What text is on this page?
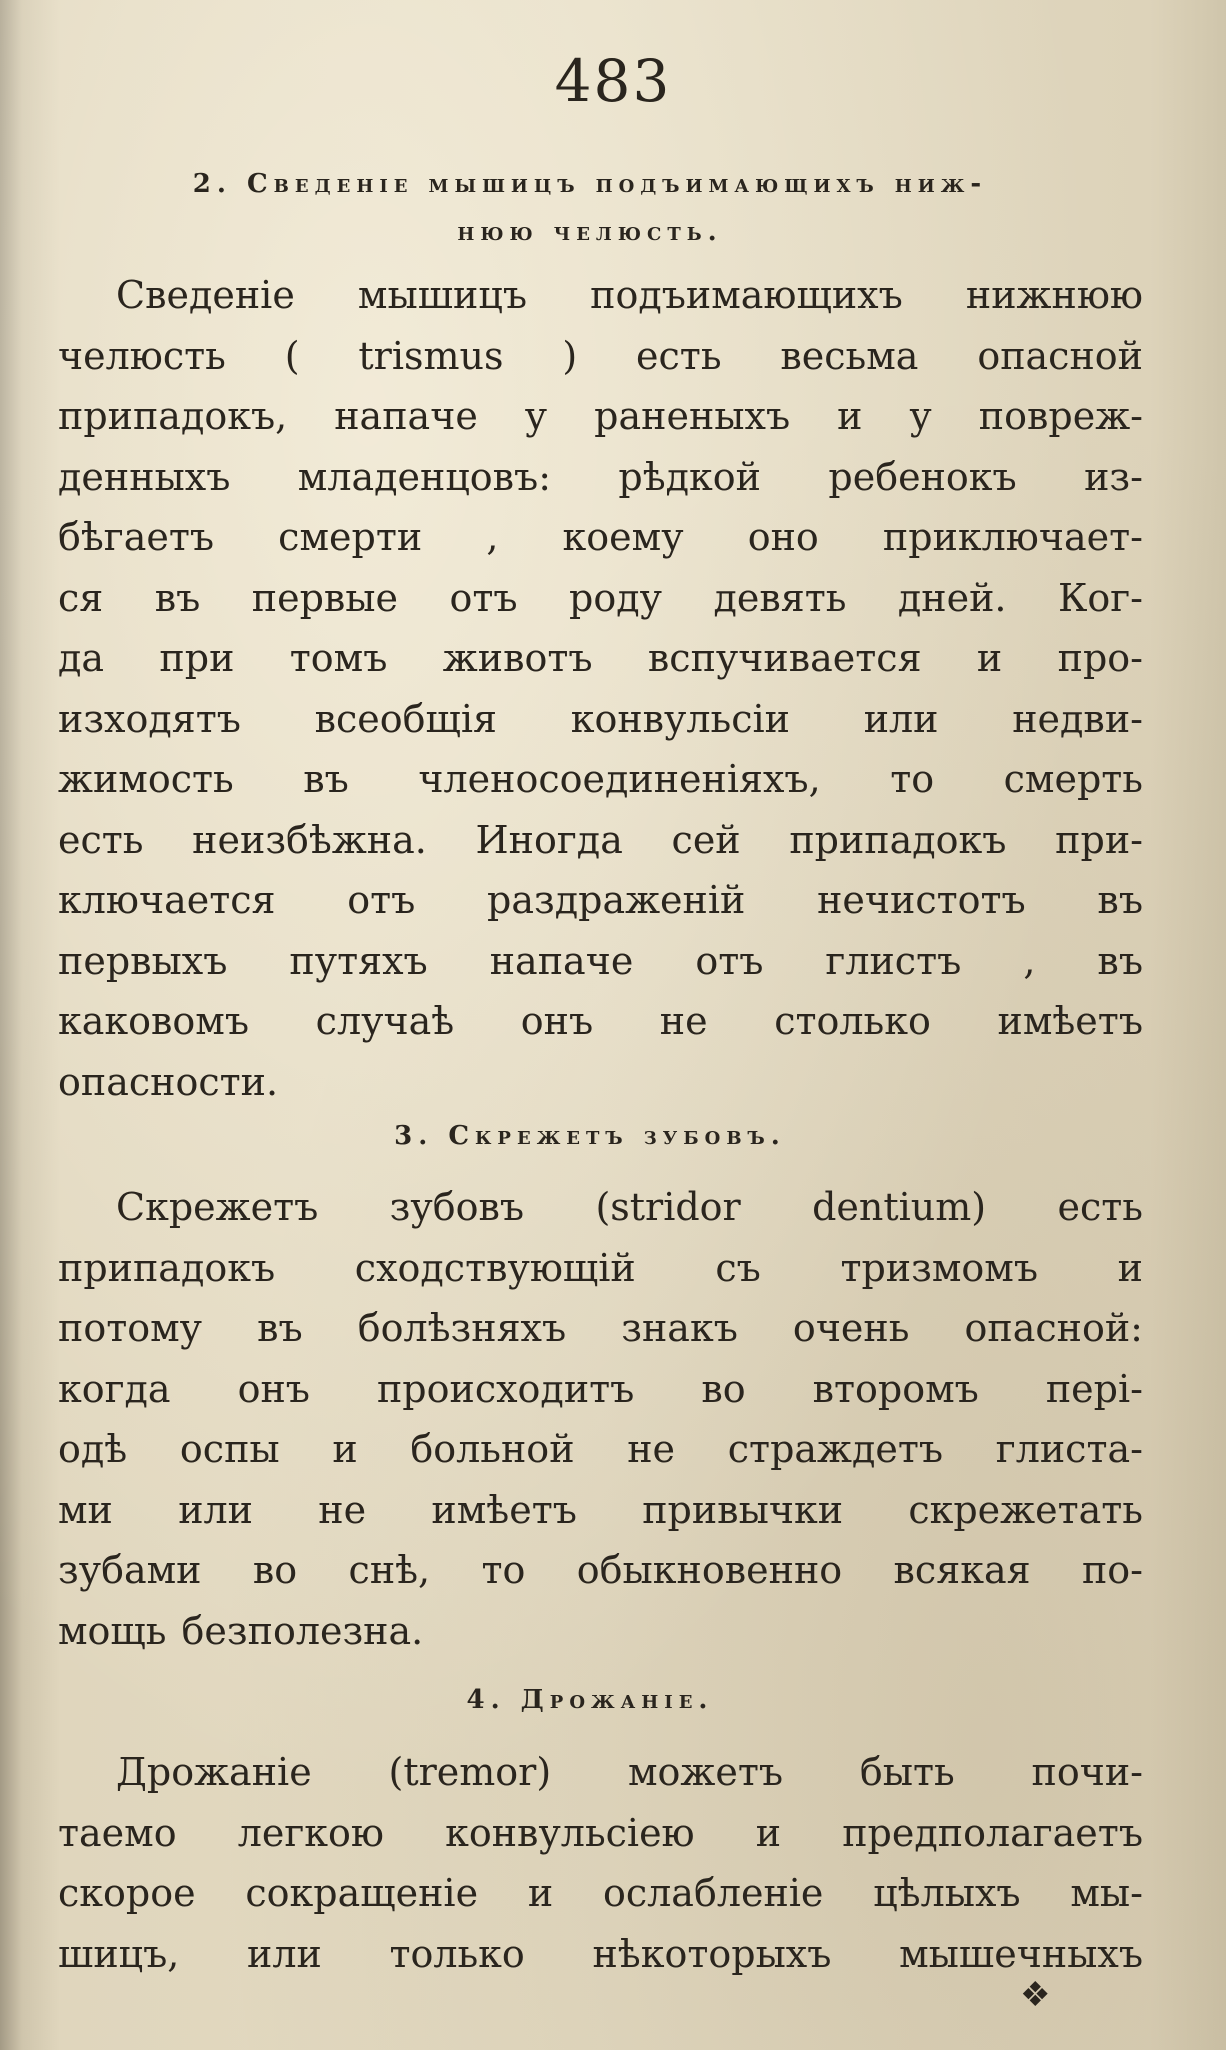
483
2. Сведеніе мышицъ подъимающихъ ниж-
нюю челюсть.

Сведеніе мышицъ подъимающихъ нижнюю
челюсть ( trismus ) есть весьма опасной
припадокъ, напаче у раненыхъ и у повреж-
денныхъ младенцовъ: рѣдкой ребенокъ из-
бѣгаетъ смерти , коему оно приключает-
ся въ первые отъ роду девять дней. Ког-
да при томъ животъ вспучивается и про-
изходятъ всеобщія конвульсіи или недви-
жимость въ членосоединеніяхъ, то смерть
есть неизбѣжна. Иногда сей припадокъ при-
ключается отъ раздраженій нечистотъ въ
первыхъ путяхъ напаче отъ глистъ , въ
каковомъ случаѣ онъ не столько имѣетъ
опасности.

3. Скрежетъ зубовъ.

Скрежетъ зубовъ (stridor dentium) есть
припадокъ сходствующій съ тризмомъ и
потому въ болѣзняхъ знакъ очень опасной:
когда онъ происходитъ во второмъ пері-
одѣ оспы и больной не страждетъ глиста-
ми или не имѣетъ привычки скрежетать
зубами во снѣ, то обыкновенно всякая по-
мощь безполезна.

4. Дрожаніе.

Дрожаніе (tremor) можетъ быть почи-
таемо легкою конвульсіею и предполагаетъ
скорое сокращеніе и ослабленіе цѣлыхъ мы-
шицъ, или только нѣкоторыхъ мышечныхъ

❖
